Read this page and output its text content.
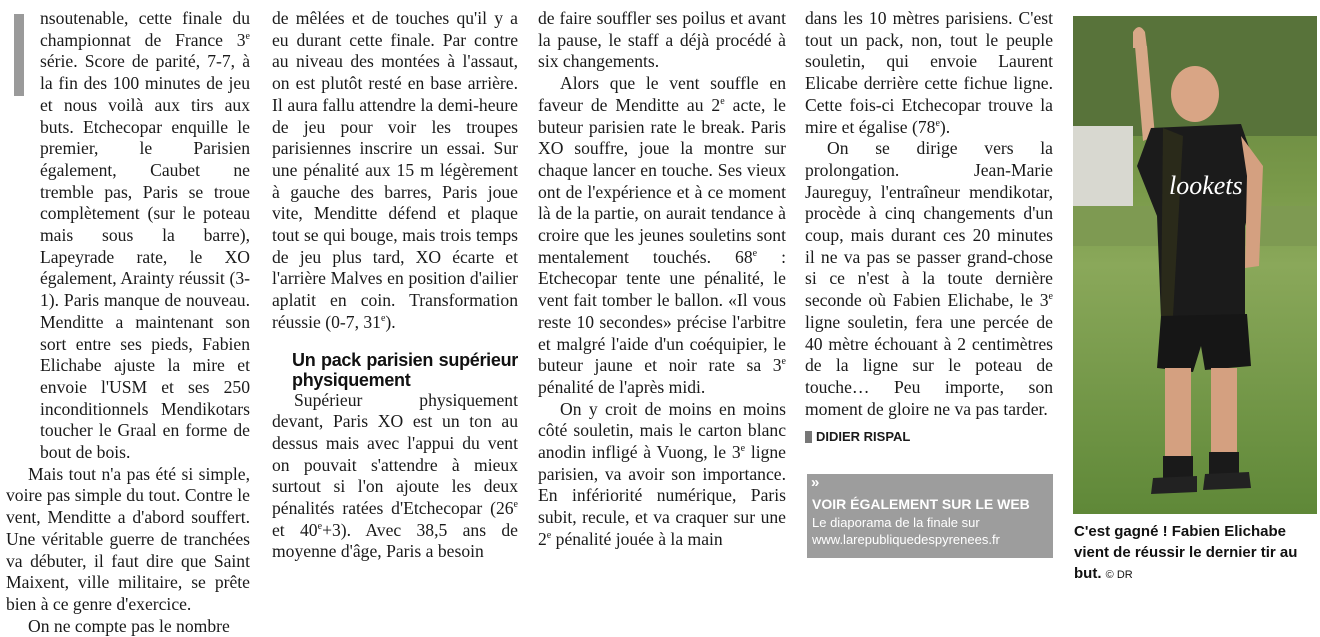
nsoutenable, cette finale du championnat de France 3e série. Score de parité, 7-7, à la fin des 100 minutes de jeu et nous voilà aux tirs aux buts. Etchecopar enquille le premier, le Parisien également, Caubet ne tremble pas, Paris se troue complètement (sur le poteau mais sous la barre), Lapeyrade rate, le XO également, Arainty réussit (3-1). Paris manque de nouveau. Menditte a maintenant son sort entre ses pieds, Fabien Elichabe ajuste la mire et envoie l'USM et ses 250 inconditionnels Mendikotars toucher le Graal en forme de bout de bois.

Mais tout n'a pas été si simple, voire pas simple du tout. Contre le vent, Menditte a d'abord souffert. Une véritable guerre de tranchées va débuter, il faut dire que Saint Maixent, ville militaire, se prête bien à ce genre d'exercice.

On ne compte pas le nombre

de mêlées et de touches qu'il y a eu durant cette finale. Par contre au niveau des montées à l'assaut, on est plutôt resté en base arrière. Il aura fallu attendre la demi-heure de jeu pour voir les troupes parisiennes inscrire un essai. Sur une pénalité aux 15 m légèrement à gauche des barres, Paris joue vite, Menditte défend et plaque tout se qui bouge, mais trois temps de jeu plus tard, XO écarte et l'arrière Malves en position d'ailier aplatit en coin. Transformation réussie (0-7, 31e).

Un pack parisien supérieur physiquement

Supérieur physiquement devant, Paris XO est un ton au dessus mais avec l'appui du vent on pouvait s'attendre à mieux surtout si l'on ajoute les deux pénalités ratées d'Etchecopar (26e et $40^e+3$). Avec 38,5 ans de moyenne d'âge, Paris a besoin

de faire souffler ses poilus et avant la pause, le staff a déjà procédé à six changements.

Alors que le vent souffle en faveur de Menditte au 2e acte, le buteur parisien rate le break. Paris XO souffre, joue la montre sur chaque lancer en touche. Ses vieux ont de l'expérience et à ce moment là de la partie, on aurait tendance à croire que les jeunes souletins sont mentalement touchés. 68e : Etchecopar tente une pénalité, le vent fait tomber le ballon. «Il vous reste 10 secondes» précise l'arbitre et malgré l'aide d'un coéquipier, le buteur jaune et noir rate sa 3e pénalité de l'après midi.

On y croit de moins en moins côté souletin, mais le carton blanc anodin infligé à Vuong, le 3e ligne parisien, va avoir son importance. En infériorité numérique, Paris subit, recule, et va craquer sur une 2e pénalité jouée à la main

dans les 10 mètres parisiens. C'est tout un pack, non, tout le peuple souletin, qui envoie Laurent Elicabe derrière cette fichue ligne. Cette fois-ci Etchecopar trouve la mire et égalise (78e).

On se dirige vers la prolongation. Jean-Marie Jaureguy, l'entraîneur mendikotar, procède à cinq changements d'un coup, mais durant ces 20 minutes il ne va pas se passer grand-chose si ce n'est à la toute dernière seconde où Fabien Elichabe, le 3e ligne souletin, fera une percée de 40 mètre échouant à 2 centimètres de la ligne sur le poteau de touche… Peu importe, son moment de gloire ne va pas tarder.

DIDIER RISPAL
»
VOIR ÉGALEMENT SUR LE WEB
Le diaporama de la finale sur
www.larepubliquedespyrenees.fr
lookets
C'est gagné ! Fabien Elichabe vient de réussir le dernier tir au but. © DR
